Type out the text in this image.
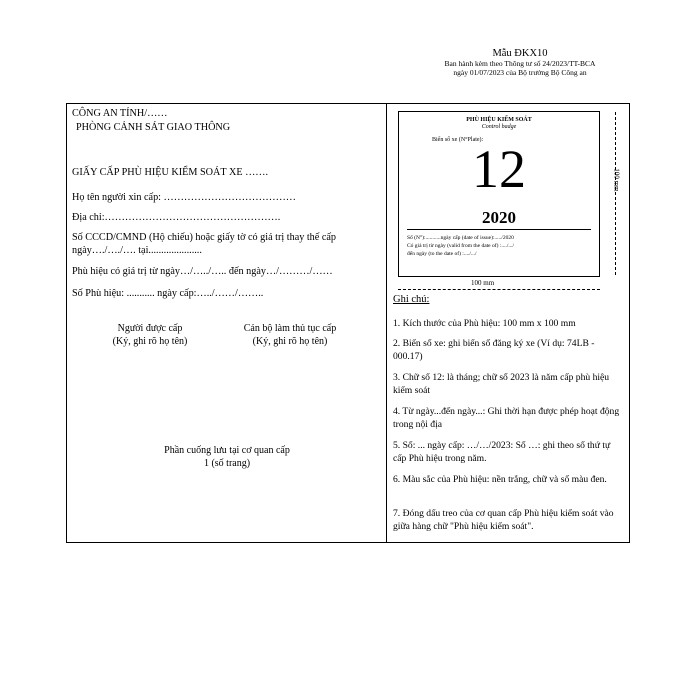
Mẫu ĐKX10
Ban hành kèm theo Thông tư số 24/2023/TT-BCA
ngày 01/07/2023 của Bộ trưởng Bộ Công an
CÔNG AN TỈNH/……
PHÒNG CẢNH SÁT GIAO THÔNG
GIẤY CẤP PHÙ HIỆU KIỂM SOÁT XE …….
Họ tên người xin cấp: …………………………………
Địa chỉ:…………………………………………….
Số CCCD/CMND (Hộ chiếu) hoặc giấy tờ có giá trị thay thế cấp ngày…./…./…. tại.....................
Phù hiệu có giá trị từ ngày…/…../….. đến ngày…/………/……
Số Phù hiệu: ........... ngày cấp:…../……/……..
Người được cấp
(Ký, ghi rõ họ tên)
Cán bộ làm thủ tục cấp
(Ký, ghi rõ họ tên)
Phần cuống lưu tại cơ quan cấp
1 (số trang)
PHÙ HIỆU KIỂM SOÁT
Control badge
Biển số xe (N°Plate):
12
2020
Số (N°):...........ngày cấp (date of issue):...../2020
Có giá trị từ ngày (valid from the date of) :..../.../
đến ngày (to the date of) :..../.../
100 mm
100 mm
Ghi chú:
1. Kích thước của Phù hiệu: 100 mm x 100 mm
2. Biển số xe: ghi biển số đăng ký xe (Ví dụ: 74LB - 000.17)
3. Chữ số 12: là tháng; chữ số 2023 là năm cấp phù hiệu kiểm soát
4. Từ ngày...đến ngày...: Ghi thời hạn được phép hoạt động trong nội địa
5. Số: ... ngày cấp: …/…/2023: Số …: ghi theo số thứ tự cấp Phù hiệu trong năm.
6. Màu sắc của Phù hiệu: nền trắng, chữ và số màu đen.
7. Đóng dấu treo của cơ quan cấp Phù hiệu kiểm soát vào giữa hàng chữ "Phù hiệu kiểm soát".
